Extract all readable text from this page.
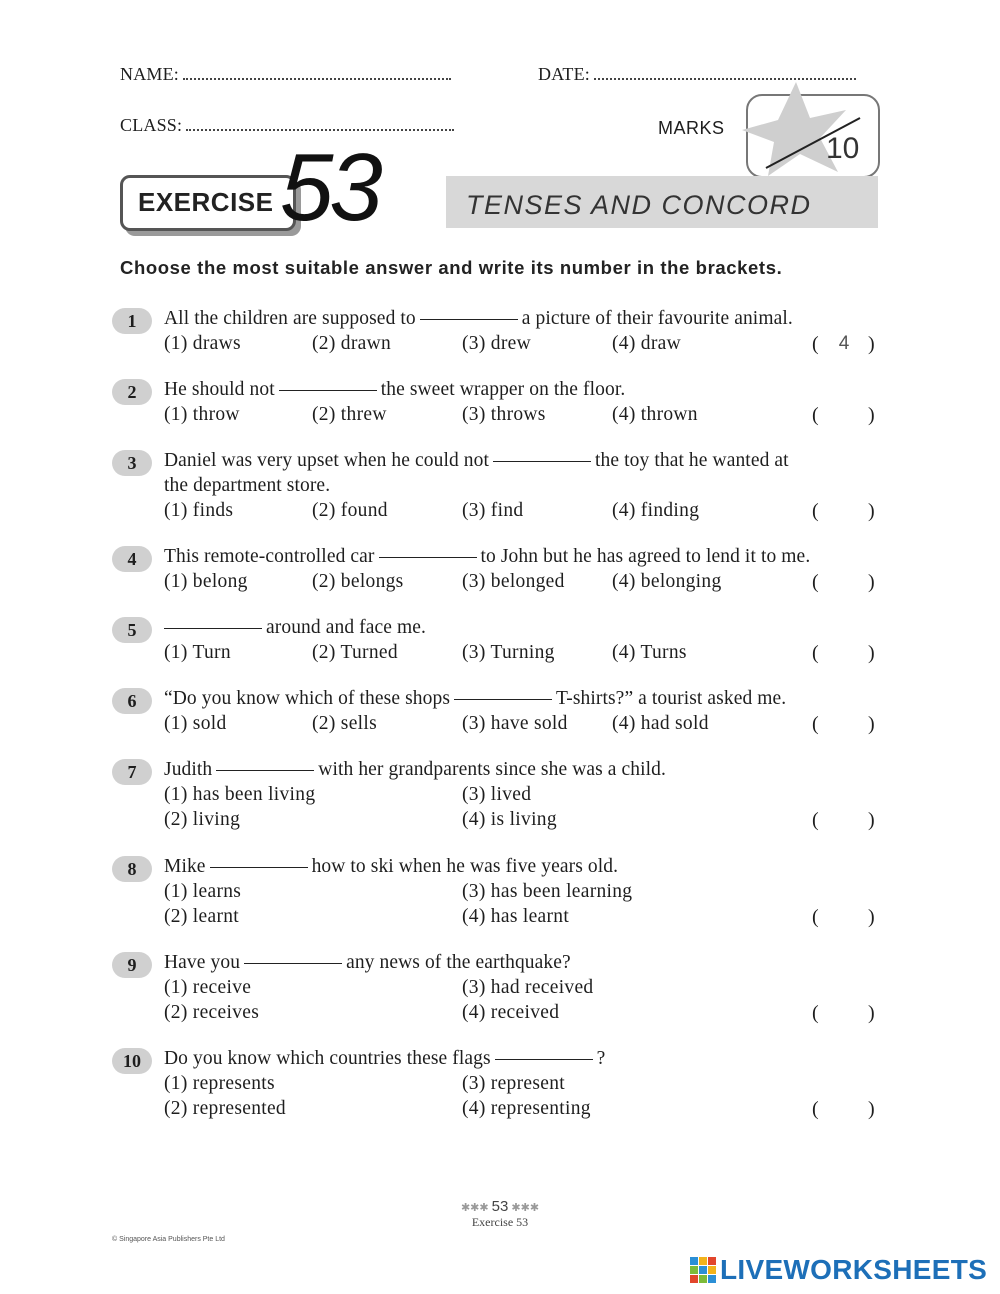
NAME:	DATE:
CLASS:	MARKS
10
EXERCISE 53	TENSES AND CONCORD
Choose the most suitable answer and write its number in the brackets.
1	All the children are supposed to	a picture of their favourite animal.
(1) draws	(2) drawn	(3) drew	(4) draw	( 4 )
2	He should not	the sweet wrapper on the floor.
(1) throw	(2) threw	(3) throws	(4) thrown	( )
3	Daniel was very upset when he could not	the toy that he wanted at
the department store.
(1) finds	(2) found	(3) find	(4) finding	( )
4	This remote-controlled car	to John but he has agreed to lend it to me.
(1) belong	(2) belongs	(3) belonged (4) belonging	( )
5	around and face me.
(1) Turn	(2) Turned	(3) Turning	(4) Turns	( )
6	“Do you know which of these shops	T-shirts?” a tourist asked me.
(1) sold	(2) sells	(3) have sold (4) had sold	( )
7	Judith	with her grandparents since she was a child.
(1) has been living	(3) lived
(2) living	(4) is living	( )
8	Mike	how to ski when he was five years old.
(1) learns	(3) has been learning
(2) learnt	(4) has learnt	( )
9	Have you	any news of the earthquake?
(1) receive	(3) had received
(2) receives	(4) received	( )
10	Do you know which countries these flags	?
(1) represents	(3) represent
(2) represented	(4) representing	( )
✱✱✱ 53 ✱✱✱
Exercise 53
© Singapore Asia Publishers Pte Ltd
LIVEWORKSHEETS
